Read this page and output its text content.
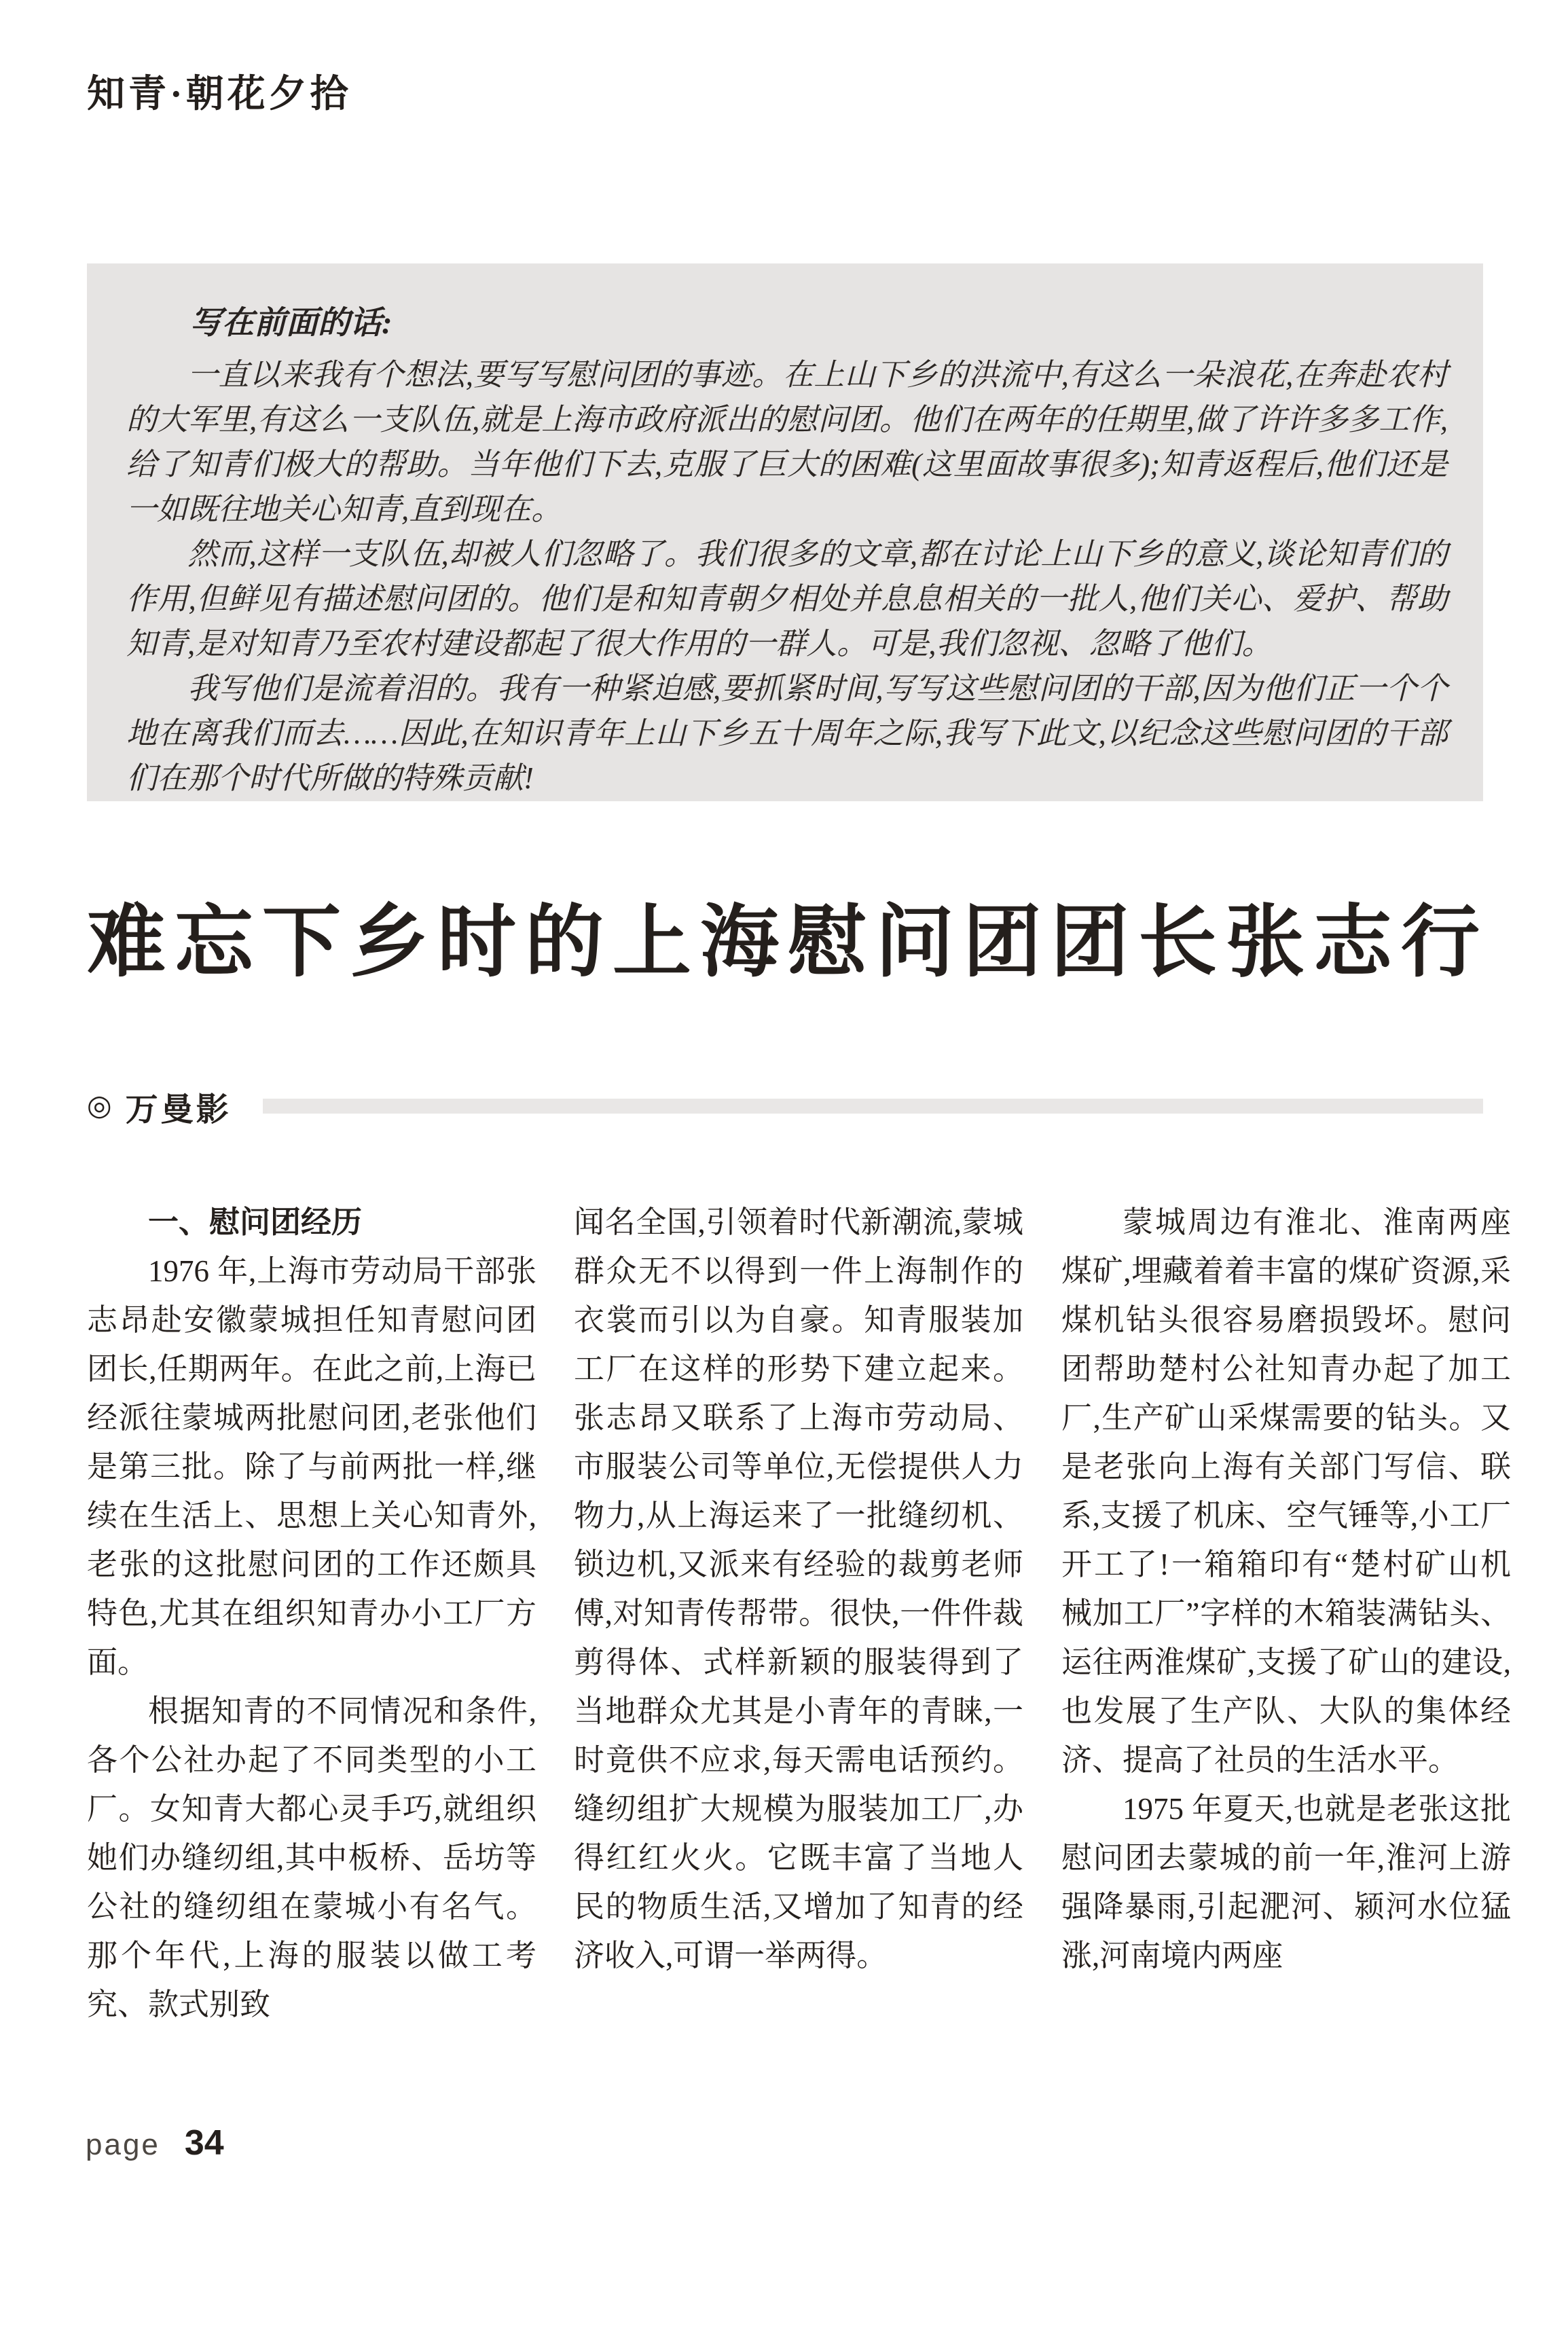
知青·朝花夕拾

写在前面的话:

一直以来我有个想法,要写写慰问团的事迹。在上山下乡的洪流中,有这么一朵浪花,在奔赴农村的大军里,有这么一支队伍,就是上海市政府派出的慰问团。他们在两年的任期里,做了许许多多工作,给了知青们极大的帮助。当年他们下去,克服了巨大的困难(这里面故事很多);知青返程后,他们还是一如既往地关心知青,直到现在。

然而,这样一支队伍,却被人们忽略了。我们很多的文章,都在讨论上山下乡的意义,谈论知青们的作用,但鲜见有描述慰问团的。他们是和知青朝夕相处并息息相关的一批人,他们关心、爱护、帮助知青,是对知青乃至农村建设都起了很大作用的一群人。可是,我们忽视、忽略了他们。

我写他们是流着泪的。我有一种紧迫感,要抓紧时间,写写这些慰问团的干部,因为他们正一个个地在离我们而去……因此,在知识青年上山下乡五十周年之际,我写下此文,以纪念这些慰问团的干部们在那个时代所做的特殊贡献!

难忘下乡时的上海慰问团团长张志行
◎ 万曼影

一、慰问团经历

1976 年,上海市劳动局干部张志昂赴安徽蒙城担任知青慰问团团长,任期两年。在此之前,上海已经派往蒙城两批慰问团,老张他们是第三批。除了与前两批一样,继续在生活上、思想上关心知青外,老张的这批慰问团的工作还颇具特色,尤其在组织知青办小工厂方面。

根据知青的不同情况和条件,各个公社办起了不同类型的小工厂。女知青大都心灵手巧,就组织她们办缝纫组,其中板桥、岳坊等公社的缝纫组在蒙城小有名气。那个年代,上海的服装以做工考究、款式别致

闻名全国,引领着时代新潮流,蒙城群众无不以得到一件上海制作的衣裳而引以为自豪。知青服装加工厂在这样的形势下建立起来。张志昂又联系了上海市劳动局、市服装公司等单位,无偿提供人力物力,从上海运来了一批缝纫机、锁边机,又派来有经验的裁剪老师傅,对知青传帮带。很快,一件件裁剪得体、式样新颖的服装得到了当地群众尤其是小青年的青睐,一时竟供不应求,每天需电话预约。缝纫组扩大规模为服装加工厂,办得红红火火。它既丰富了当地人民的物质生活,又增加了知青的经济收入,可谓一举两得。

蒙城周边有淮北、淮南两座煤矿,埋藏着着丰富的煤矿资源,采煤机钻头很容易磨损毁坏。慰问团帮助楚村公社知青办起了加工厂,生产矿山采煤需要的钻头。又是老张向上海有关部门写信、联系,支援了机床、空气锤等,小工厂开工了!一箱箱印有“楚村矿山机械加工厂”字样的木箱装满钻头、运往两淮煤矿,支援了矿山的建设,也发展了生产队、大队的集体经济、提高了社员的生活水平。

1975 年夏天,也就是老张这批慰问团去蒙城的前一年,淮河上游强降暴雨,引起淝河、颍河水位猛涨,河南境内两座

page 34
